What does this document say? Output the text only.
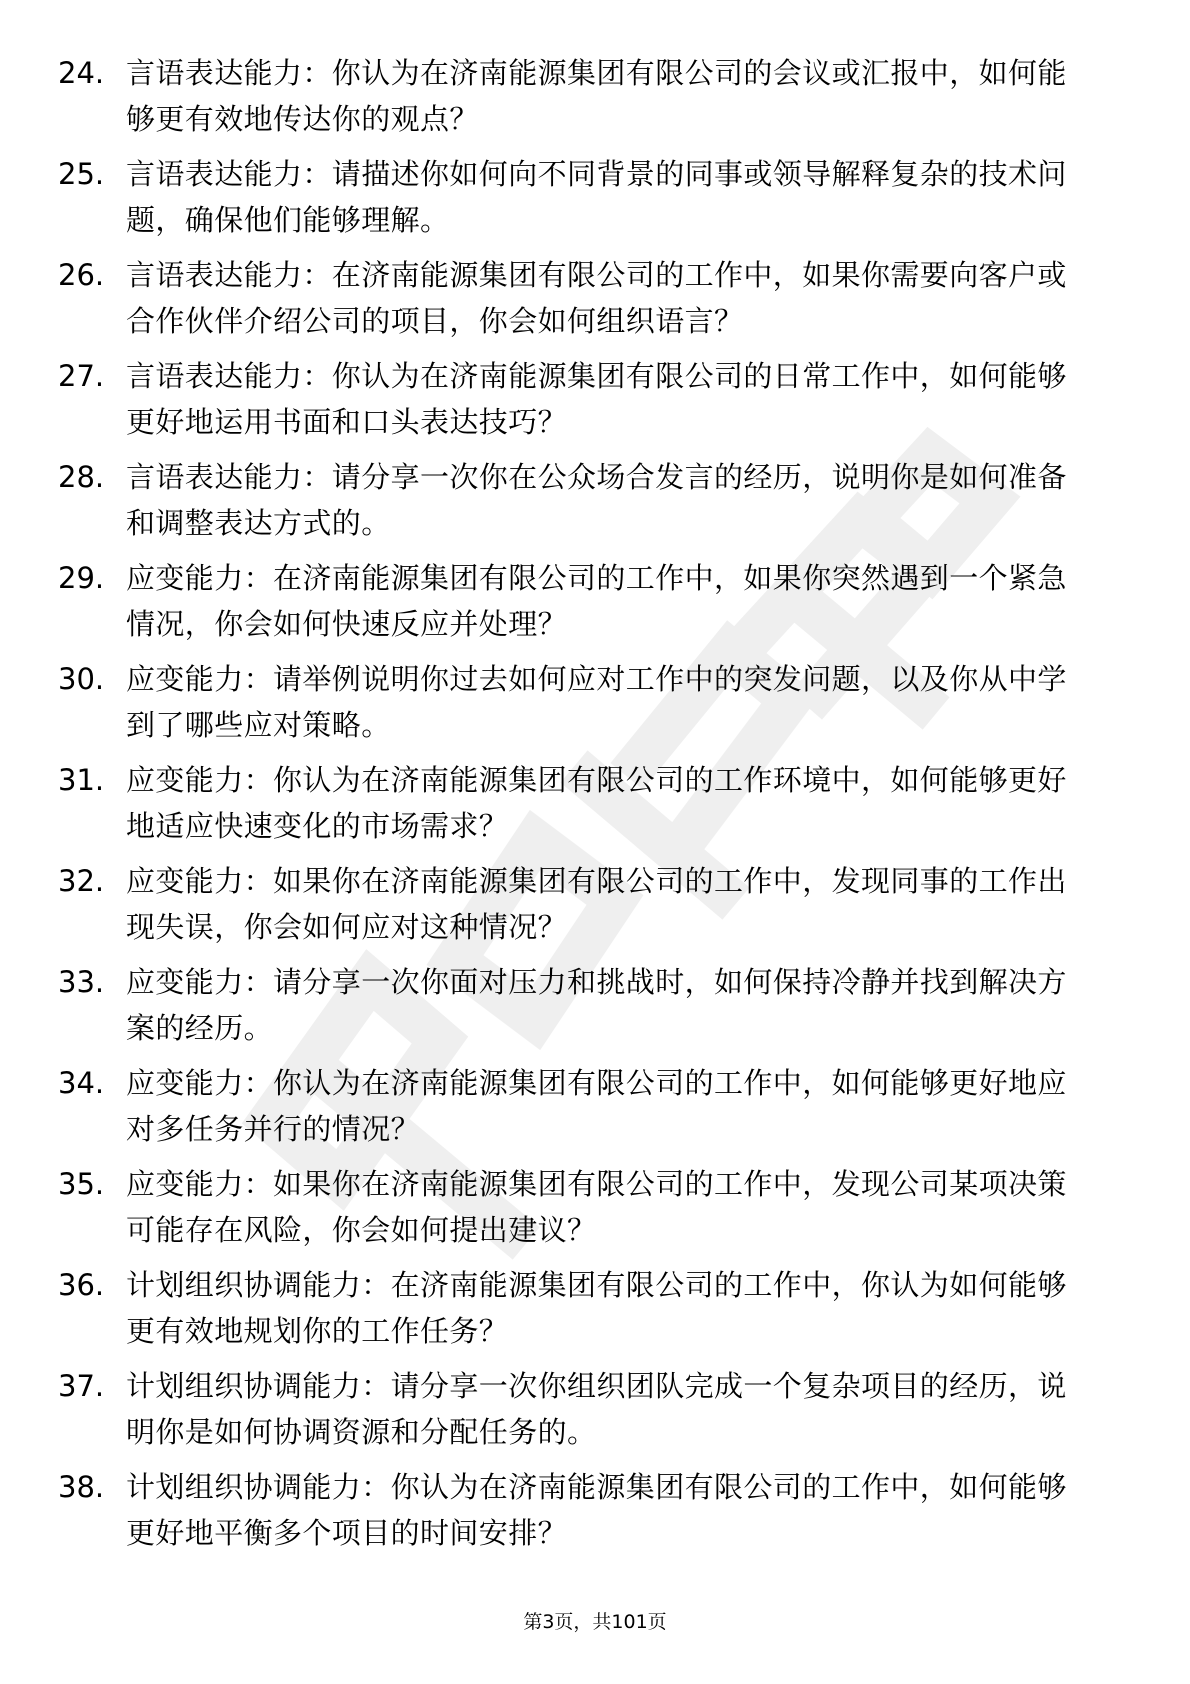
24. 言语表达能力：你认为在济南能源集团有限公司的会议或汇报中，如何能够更有效地传达你的观点？
25. 言语表达能力：请描述你如何向不同背景的同事或领导解释复杂的技术问题，确保他们能够理解。
26. 言语表达能力：在济南能源集团有限公司的工作中，如果你需要向客户或合作伙伴介绍公司的项目，你会如何组织语言？
27. 言语表达能力：你认为在济南能源集团有限公司的日常工作中，如何能够更好地运用书面和口头表达技巧？
28. 言语表达能力：请分享一次你在公众场合发言的经历，说明你是如何准备和调整表达方式的。
29. 应变能力：在济南能源集团有限公司的工作中，如果你突然遇到一个紧急情况，你会如何快速反应并处理？
30. 应变能力：请举例说明你过去如何应对工作中的突发问题，以及你从中学到了哪些应对策略。
31. 应变能力：你认为在济南能源集团有限公司的工作环境中，如何能够更好地适应快速变化的市场需求？
32. 应变能力：如果你在济南能源集团有限公司的工作中，发现同事的工作出现失误，你会如何应对这种情况？
33. 应变能力：请分享一次你面对压力和挑战时，如何保持冷静并找到解决方案的经历。
34. 应变能力：你认为在济南能源集团有限公司的工作中，如何能够更好地应对多任务并行的情况？
35. 应变能力：如果你在济南能源集团有限公司的工作中，发现公司某项决策可能存在风险，你会如何提出建议？
36. 计划组织协调能力：在济南能源集团有限公司的工作中，你认为如何能够更有效地规划你的工作任务？
37. 计划组织协调能力：请分享一次你组织团队完成一个复杂项目的经历，说明你是如何协调资源和分配任务的。
38. 计划组织协调能力：你认为在济南能源集团有限公司的工作中，如何能够更好地平衡多个项目的时间安排？
第3页，共101页
